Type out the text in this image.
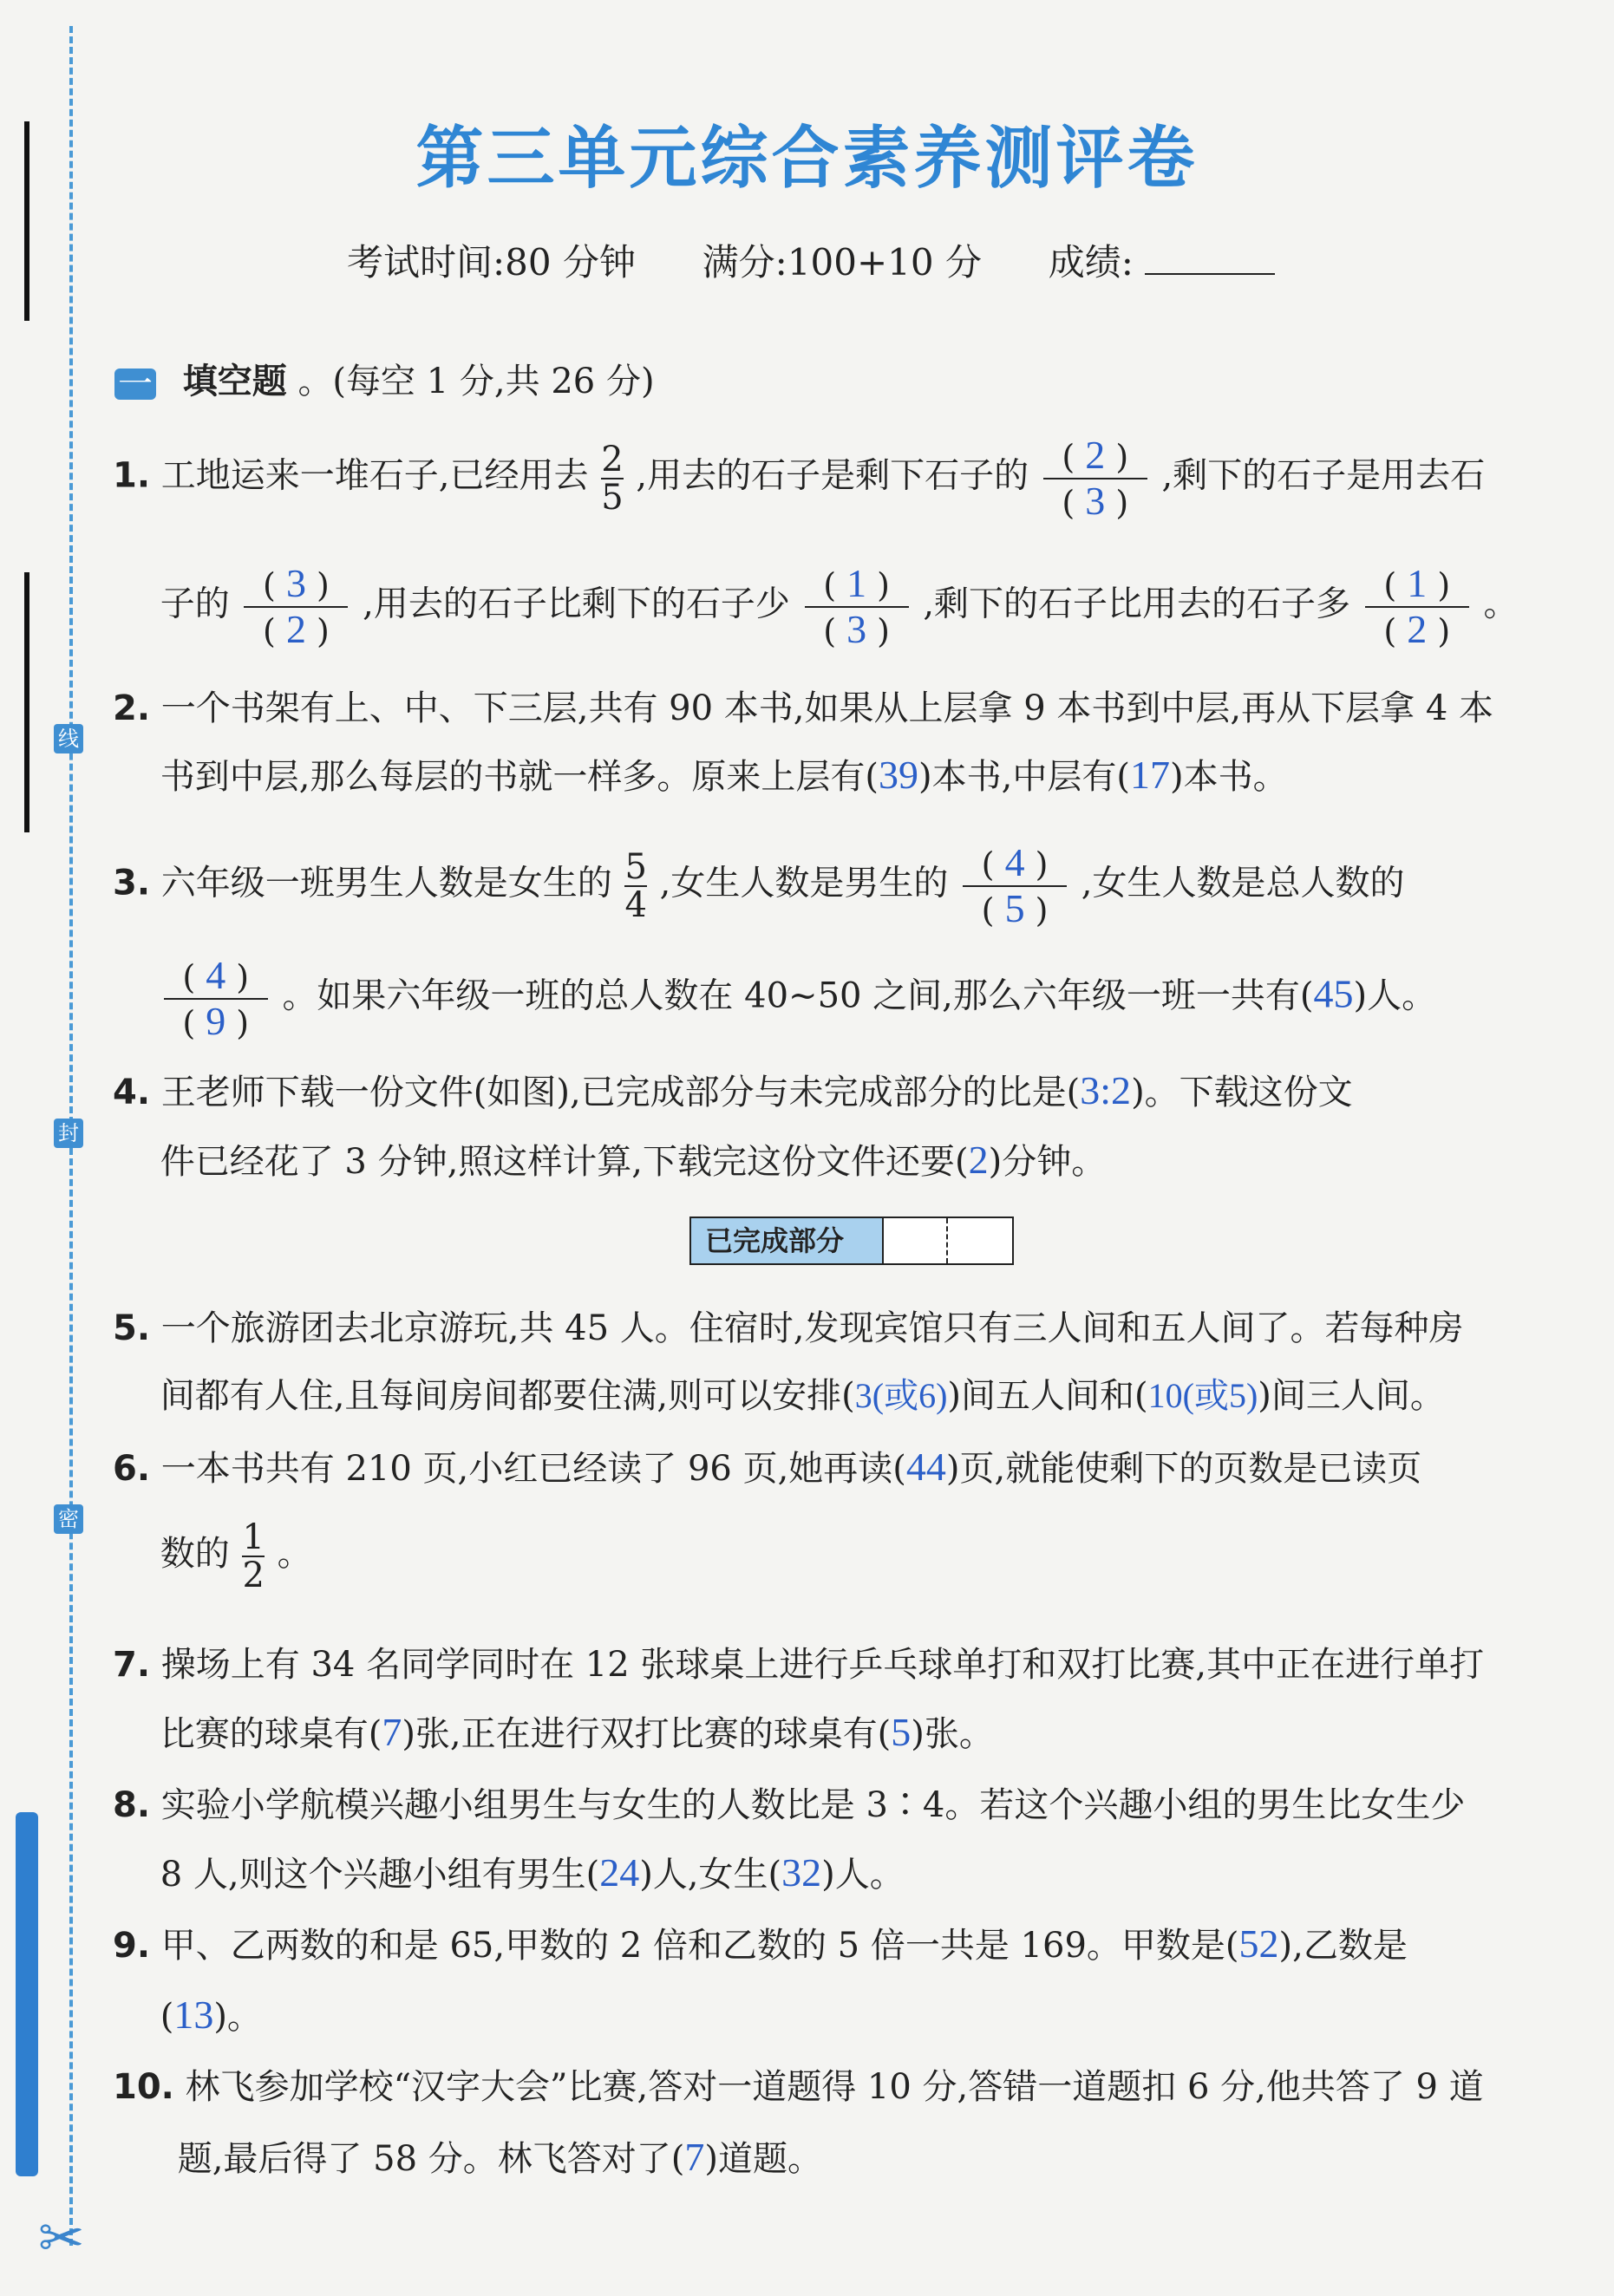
线
封
密
✂
第三单元综合素养测评卷
考试时间:80 分钟 满分:100+10 分 成绩:
一 填空题 。(每空 1 分,共 26 分)
1. 工地运来一堆石子,已经用去 $\frac{2}{5}$ ,用去的石子是剩下石子的 $\frac{( 2 )}{( 3 )}$ ,剩下的石子是用去石
子的 $\frac{( 3 )}{( 2 )}$ ,用去的石子比剩下的石子少 $\frac{( 1 )}{( 3 )}$ ,剩下的石子比用去的石子多 $\frac{( 1 )}{( 2 )}$ 。
2. 一个书架有上、中、下三层,共有 90 本书,如果从上层拿 9 本书到中层,再从下层拿 4 本
书到中层,那么每层的书就一样多。原来上层有(39)本书,中层有(17)本书。
3. 六年级一班男生人数是女生的 $\frac{5}{4}$ ,女生人数是男生的 $\frac{( 4 )}{( 5 )}$ ,女生人数是总人数的

$\frac{( 4 )}{( 9 )}$ 。如果六年级一班的总人数在 40~50 之间,那么六年级一班一共有(45)人。
4. 王老师下载一份文件(如图),已完成部分与未完成部分的比是(3:2)。下载这份文
件已经花了 3 分钟,照这样计算,下载完这份文件还要(2)分钟。
已完成部分
5. 一个旅游团去北京游玩,共 45 人。住宿时,发现宾馆只有三人间和五人间了。若每种房
间都有人住,且每间房间都要住满,则可以安排(3(或6))间五人间和(10(或5))间三人间。
6. 一本书共有 210 页,小红已经读了 96 页,她再读(44)页,就能使剩下的页数是已读页
数的 $\frac{1}{2}$ 。
7. 操场上有 34 名同学同时在 12 张球桌上进行乒乓球单打和双打比赛,其中正在进行单打
比赛的球桌有(7)张,正在进行双打比赛的球桌有(5)张。
8. 实验小学航模兴趣小组男生与女生的人数比是 3∶4。若这个兴趣小组的男生比女生少
8 人,则这个兴趣小组有男生(24)人,女生(32)人。
9. 甲、乙两数的和是 65,甲数的 2 倍和乙数的 5 倍一共是 169。甲数是(52),乙数是
(13)。
10. 林飞参加学校“汉字大会”比赛,答对一道题得 10 分,答错一道题扣 6 分,他共答了 9 道
题,最后得了 58 分。林飞答对了(7)道题。
